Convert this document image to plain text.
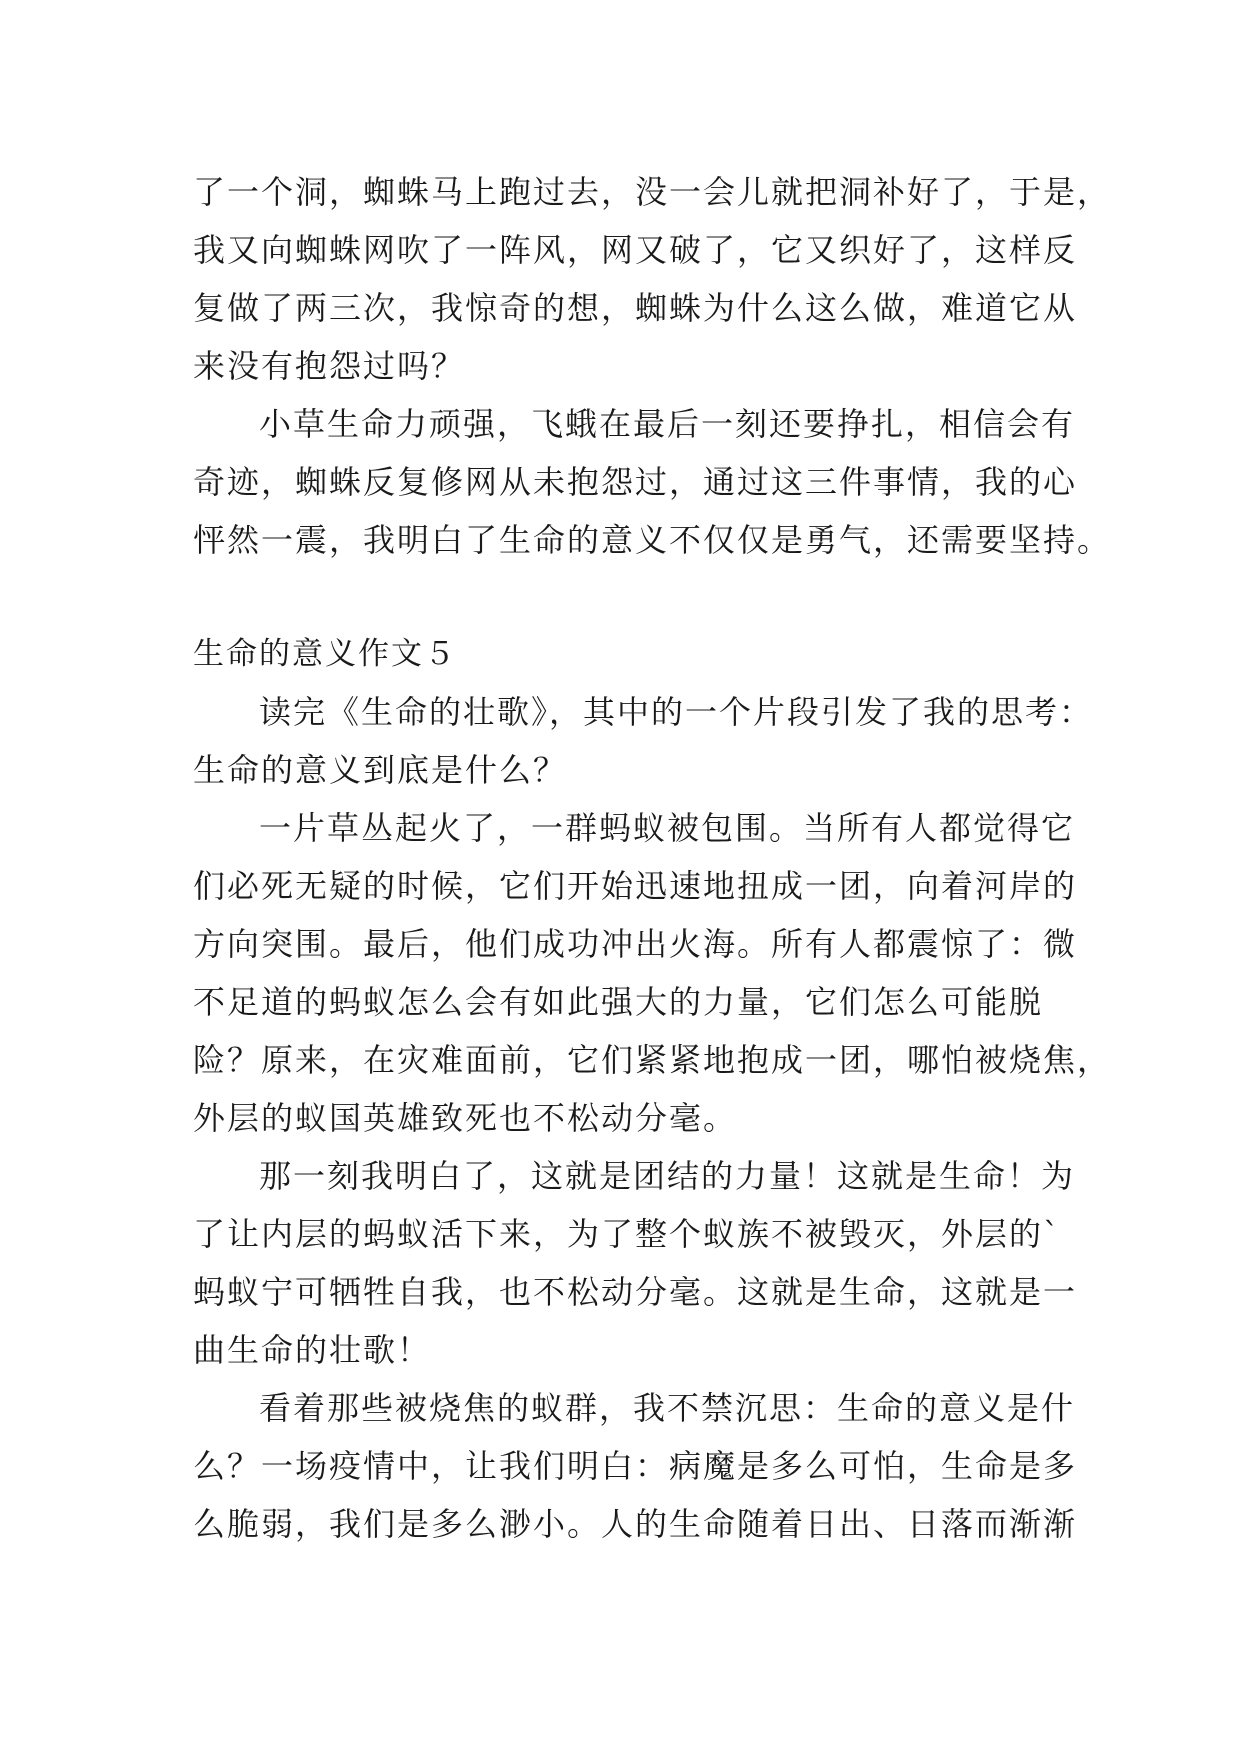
了一个洞，蜘蛛马上跑过去，没一会儿就把洞补好了，于是，
我又向蜘蛛网吹了一阵风，网又破了，它又织好了，这样反
复做了两三次，我惊奇的想，蜘蛛为什么这么做，难道它从
来没有抱怨过吗？
小草生命力顽强，飞蛾在最后一刻还要挣扎，相信会有
奇迹，蜘蛛反复修网从未抱怨过，通过这三件事情，我的心
怦然一震，我明白了生命的意义不仅仅是勇气，还需要坚持。
生命的意义作文５
读完《生命的壮歌》，其中的一个片段引发了我的思考：
生命的意义到底是什么？
一片草丛起火了，一群蚂蚁被包围。当所有人都觉得它
们必死无疑的时候，它们开始迅速地扭成一团，向着河岸的
方向突围。最后，他们成功冲出火海。所有人都震惊了：微
不足道的蚂蚁怎么会有如此强大的力量，它们怎么可能脱
险？原来，在灾难面前，它们紧紧地抱成一团，哪怕被烧焦，
外层的蚁国英雄致死也不松动分毫。
那一刻我明白了，这就是团结的力量！这就是生命！为
了让内层的蚂蚁活下来，为了整个蚁族不被毁灭，外层的`
蚂蚁宁可牺牲自我，也不松动分毫。这就是生命，这就是一
曲生命的壮歌！
看着那些被烧焦的蚁群，我不禁沉思：生命的意义是什
么？一场疫情中，让我们明白：病魔是多么可怕，生命是多
么脆弱，我们是多么渺小。人的生命随着日出、日落而渐渐
